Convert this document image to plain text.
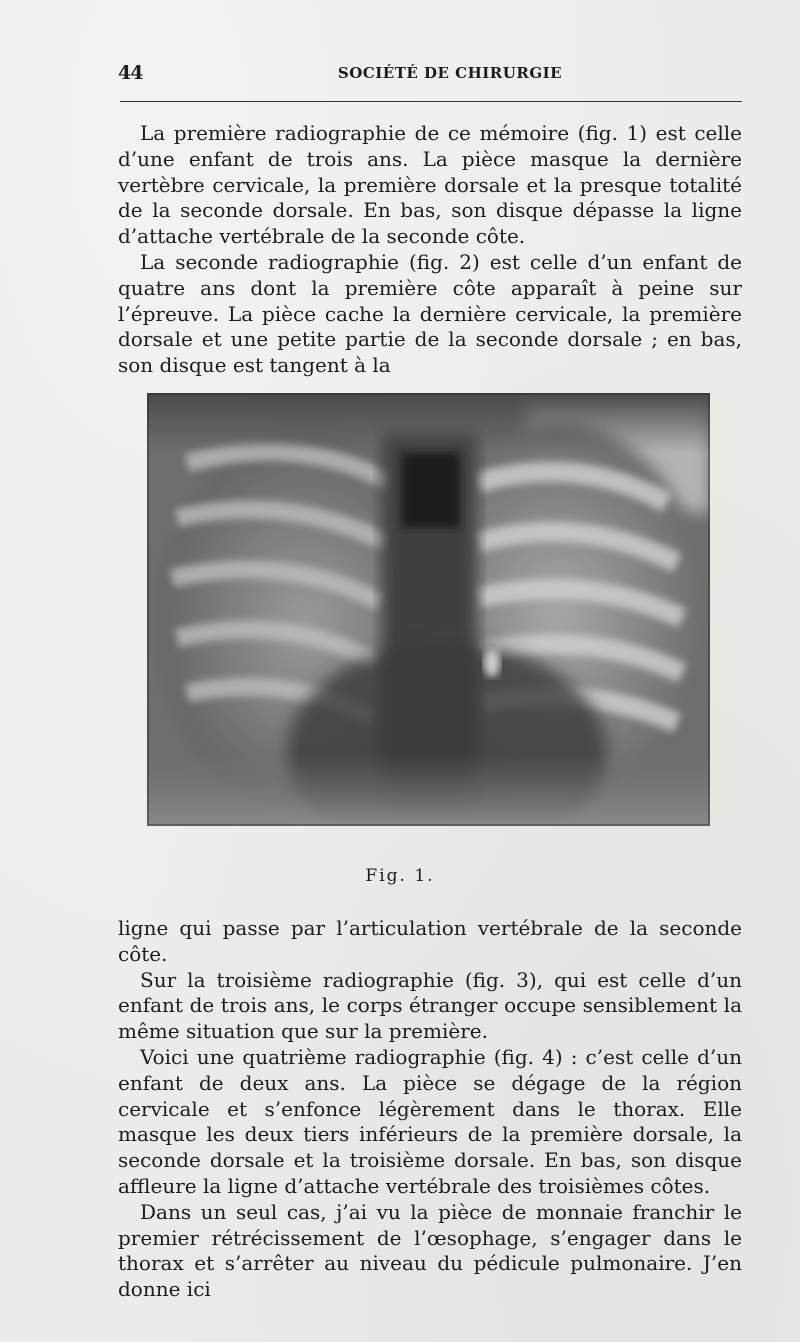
44	SOCIÉTÉ DE CHIRURGIE

La première radiographie de ce mémoire (fig. 1) est celle d’une enfant de trois ans. La pièce masque la dernière vertèbre cervicale, la première dorsale et la presque totalité de la seconde dorsale. En bas, son disque dépasse la ligne d’attache vertébrale de la seconde côte.

La seconde radiographie (fig. 2) est celle d’un enfant de quatre ans dont la première côte apparaît à peine sur l’épreuve. La pièce cache la dernière cervicale, la première dorsale et une petite partie de la seconde dorsale ; en bas, son disque est tangent à la

Fig. 1.

ligne qui passe par l’articulation vertébrale de la seconde côte.

Sur la troisième radiographie (fig. 3), qui est celle d’un enfant de trois ans, le corps étranger occupe sensiblement la même situation que sur la première.

Voici une quatrième radiographie (fig. 4) : c’est celle d’un enfant de deux ans. La pièce se dégage de la région cervicale et s’enfonce légèrement dans le thorax. Elle masque les deux tiers inférieurs de la première dorsale, la seconde dorsale et la troisième dorsale. En bas, son disque affleure la ligne d’attache vertébrale des troisièmes côtes.

Dans un seul cas, j’ai vu la pièce de monnaie franchir le premier rétrécissement de l’œsophage, s’engager dans le thorax et s’arrêter au niveau du pédicule pulmonaire. J’en donne ici
